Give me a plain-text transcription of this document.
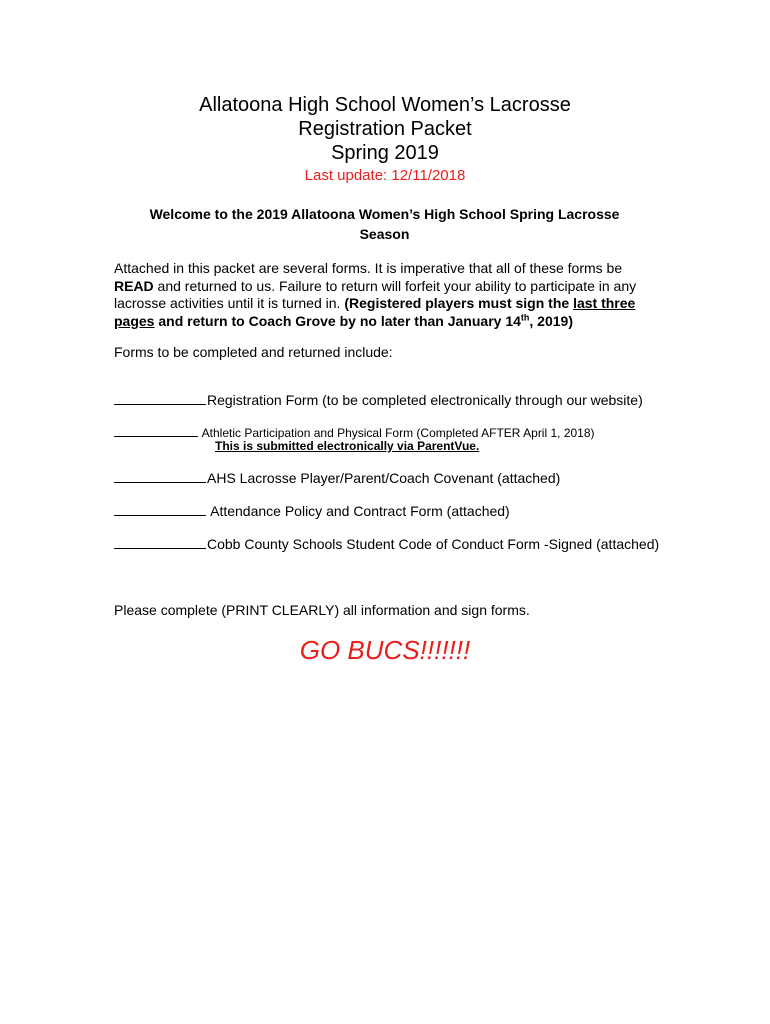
Allatoona High School Women’s Lacrosse
Registration Packet
Spring 2019
Last update: 12/11/2018
Welcome to the 2019 Allatoona Women’s High School Spring Lacrosse
Season
Attached in this packet are several forms. It is imperative that all of these forms be READ and returned to us. Failure to return will forfeit your ability to participate in any lacrosse activities until it is turned in. (Registered players must sign the last three pages and return to Coach Grove by no later than January 14th, 2019)
Forms to be completed and returned include:
Registration Form (to be completed electronically through our website)
Athletic Participation and Physical Form (Completed AFTER April 1, 2018)
This is submitted electronically via ParentVue.
AHS Lacrosse Player/Parent/Coach Covenant (attached)
Attendance Policy and Contract Form (attached)
Cobb County Schools Student Code of Conduct Form -Signed (attached)
Please complete (PRINT CLEARLY) all information and sign forms.
GO BUCS!!!!!!!
